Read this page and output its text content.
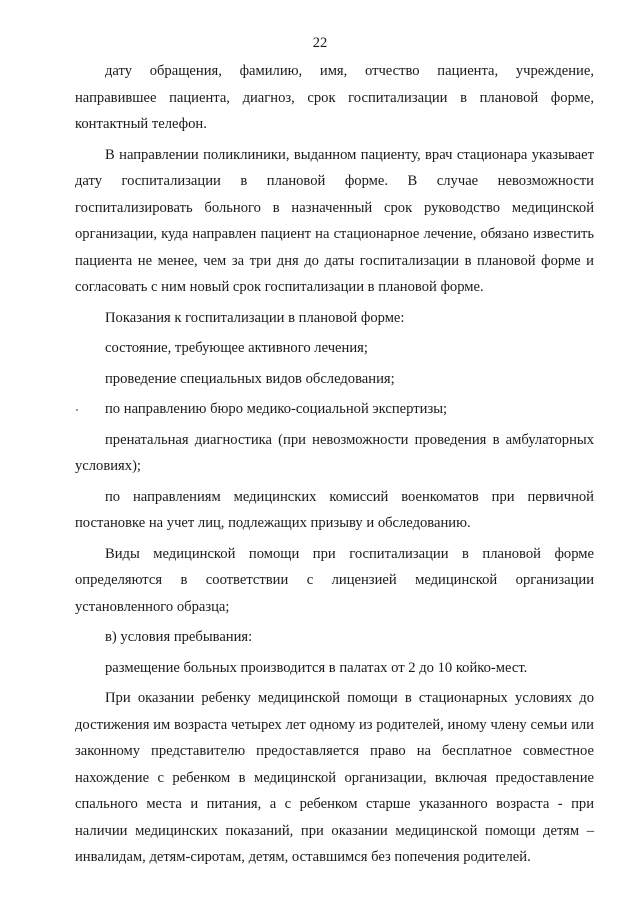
22

дату обращения, фамилию, имя, отчество пациента, учреждение, направившее пациента, диагноз, срок госпитализации в плановой форме, контактный телефон.

В направлении поликлиники, выданном пациенту, врач стационара указывает дату госпитализации в плановой форме. В случае невозможности госпитализировать больного в назначенный срок руководство медицинской организации, куда направлен пациент на стационарное лечение, обязано известить пациента не менее, чем за три дня до даты госпитализации в плановой форме и согласовать с ним новый срок госпитализации в плановой форме.

Показания к госпитализации в плановой форме:

состояние, требующее активного лечения;

проведение специальных видов обследования;

по направлению бюро медико-социальной экспертизы;

пренатальная диагностика (при невозможности проведения в амбулаторных условиях);

по направлениям медицинских комиссий военкоматов при первичной постановке на учет лиц, подлежащих призыву и обследованию.

Виды медицинской помощи при госпитализации в плановой форме определяются в соответствии с лицензией медицинской организации установленного образца;

в) условия пребывания:

размещение больных производится в палатах от 2 до 10 койко-мест.

При оказании ребенку медицинской помощи в стационарных условиях до достижения им возраста четырех лет одному из родителей, иному члену семьи или законному представителю предоставляется право на бесплатное совместное нахождение с ребенком в медицинской организации, включая предоставление спального места и питания, а с ребенком старше указанного возраста - при наличии медицинских показаний, при оказании медицинской помощи детям – инвалидам, детям-сиротам, детям, оставшимся без попечения родителей.
